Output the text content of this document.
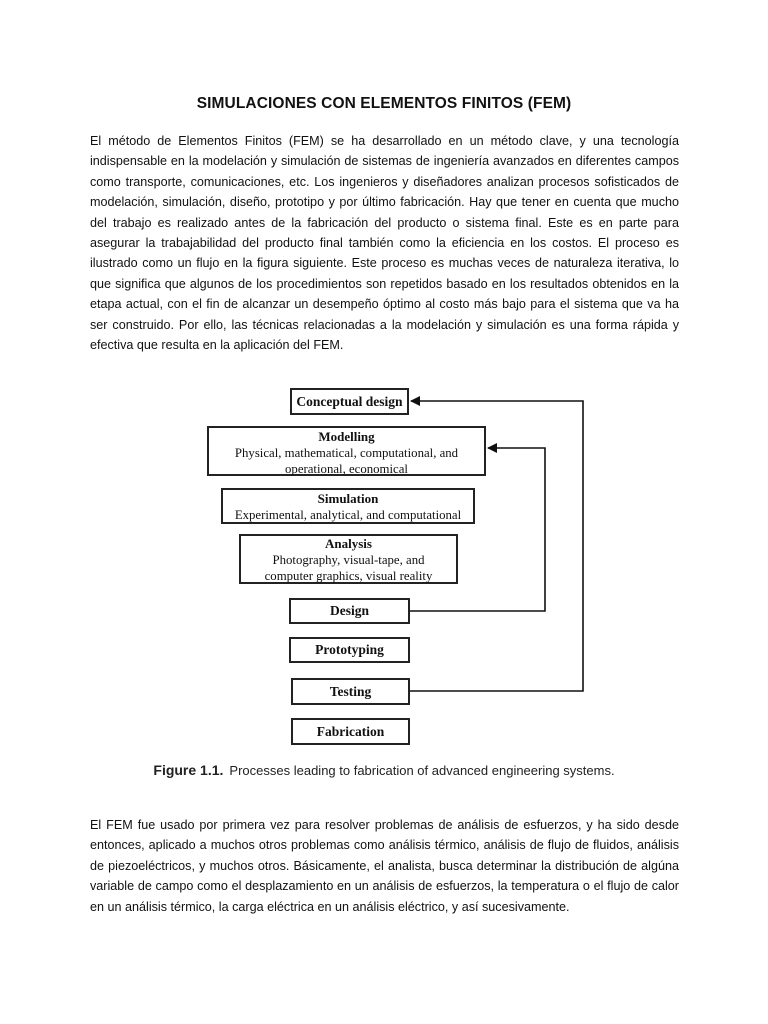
SIMULACIONES CON ELEMENTOS FINITOS (FEM)
El método de Elementos Finitos (FEM) se ha desarrollado en un método clave, y una tecnología indispensable en la modelación y simulación de sistemas de ingeniería avanzados en diferentes campos como transporte, comunicaciones, etc. Los ingenieros y diseñadores analizan procesos sofisticados de modelación, simulación, diseño, prototipo y por último fabricación. Hay que tener en cuenta que mucho del trabajo es realizado antes de la fabricación del producto o sistema final. Este es en parte para asegurar la trabajabilidad del producto final también como la eficiencia en los costos. El proceso es ilustrado como un flujo en la figura siguiente. Este proceso es muchas veces de naturaleza iterativa, lo que significa que algunos de los procedimientos son repetidos basado en los resultados obtenidos en la etapa actual, con el fin de alcanzar un desempeño óptimo al costo más bajo para el sistema que va ha ser construido. Por ello, las técnicas relacionadas a la modelación y simulación es una forma rápida y efectiva que resulta en la aplicación del FEM.
Conceptual design
Modelling
Physical, mathematical, computational, and
operational, economical
Simulation
Experimental, analytical, and computational
Analysis
Photography, visual-tape, and
computer graphics, visual reality
Design
Prototyping
Testing
Fabrication
Figure 1.1. Processes leading to fabrication of advanced engineering systems.
El FEM fue usado por primera vez para resolver problemas de análisis de esfuerzos, y ha sido desde entonces, aplicado a muchos otros problemas como análisis térmico, análisis de flujo de fluidos, análisis de piezoeléctricos, y muchos otros. Básicamente, el analista, busca determinar la distribución de algúna variable de campo como el desplazamiento en un análisis de esfuerzos, la temperatura o el flujo de calor en un análisis térmico, la carga eléctrica en un análisis eléctrico, y así sucesivamente.
